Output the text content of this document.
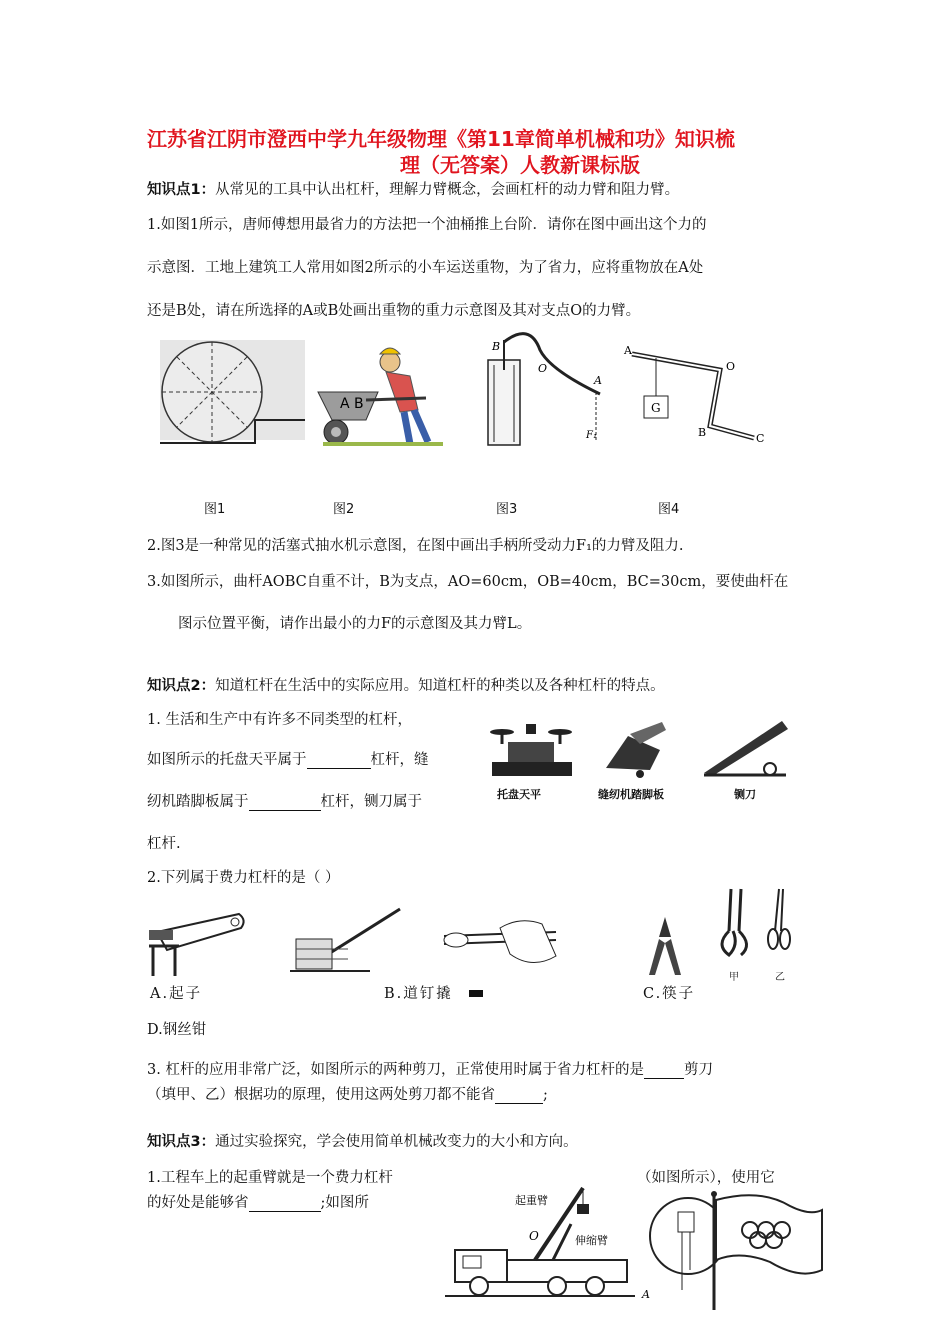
江苏省江阴市澄西中学九年级物理《第11章简单机械和功》知识梳
理（无答案）人教新课标版
知识点1：从常见的工具中认出杠杆，理解力臂概念，会画杠杆的动力臂和阻力臂。
1.如图1所示，唐师傅想用最省力的方法把一个油桶推上台阶．请你在图中画出这个力的
示意图．工地上建筑工人常用如图2所示的小车运送重物，为了省力，应将重物放在A处
还是B处，请在所选择的A或B处画出重物的重力示意图及其对支点O的力臂。
A B
B
A
O
F₁
G
A
O
B	C
图1	图2	图3	图4
2.图3是一种常见的活塞式抽水机示意图，在图中画出手柄所受动力F₁的力臂及阻力.
3.如图所示，曲杆AOBC自重不计，B为支点，AO=60cm，OB=40cm，BC=30cm，要使曲杆在
图示位置平衡，请作出最小的力F的示意图及其力臂L。
知识点2：知道杠杆在生活中的实际应用。知道杠杆的种类以及各种杠杆的特点。
1. 生活和生产中有许多不同类型的杠杆，
如图所示的托盘天平属于	杠杆，缝
纫机踏脚板属于	杠杆，铡刀属于
杠杆.
托盘天平	缝纫机踏脚板	铡刀
2.下列属于费力杠杆的是（ ）
甲	乙
A.起子	B.道钉撬	C.筷子
D.钢丝钳
3. 杠杆的应用非常广泛，如图所示的两种剪刀，正常使用时属于省力杠杆的是	剪刀
（填甲、乙）根据功的原理，使用这两处剪刀都不能省	;
知识点3：通过实验探究，学会使用简单机械改变力的大小和方向。
1.工程车上的起重臂就是一个费力杠杆	（如图所示），使用它
的好处是能够省	;如图所	起重臂
O	伸缩臂
A
